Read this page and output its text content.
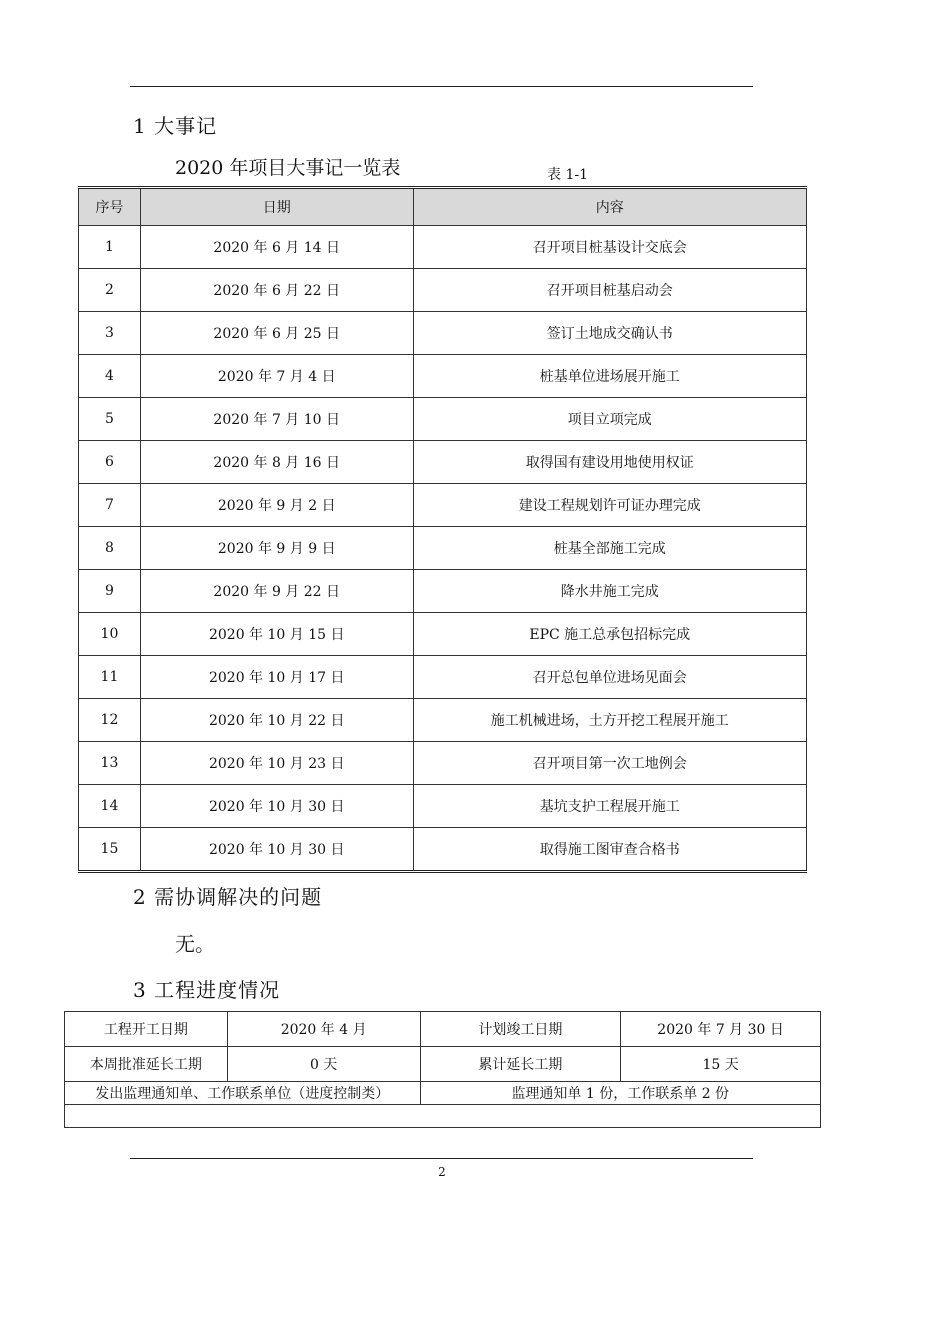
1 大事记
2020 年项目大事记一览表	表 1-1
序号	日期	内容
1	2020 年 6 月 14 日	召开项目桩基设计交底会
2	2020 年 6 月 22 日	召开项目桩基启动会
3	2020 年 6 月 25 日	签订土地成交确认书
4	2020 年 7 月 4 日	桩基单位进场展开施工
5	2020 年 7 月 10 日	项目立项完成
6	2020 年 8 月 16 日	取得国有建设用地使用权证
7	2020 年 9 月 2 日	建设工程规划许可证办理完成
8	2020 年 9 月 9 日	桩基全部施工完成
9	2020 年 9 月 22 日	降水井施工完成
10	2020 年 10 月 15 日	EPC 施工总承包招标完成
11	2020 年 10 月 17 日	召开总包单位进场见面会
12	2020 年 10 月 22 日	施工机械进场，土方开挖工程展开施工
13	2020 年 10 月 23 日	召开项目第一次工地例会
14	2020 年 10 月 30 日	基坑支护工程展开施工
15	2020 年 10 月 30 日	取得施工图审查合格书
2 需协调解决的问题
无。
3 工程进度情况
工程开工日期	2020 年 4 月	计划竣工日期	2020 年 7 月 30 日
本周批准延长工期	0 天	累计延长工期	15 天
发出监理通知单、工作联系单位（进度控制类）		监理通知单 1 份，工作联系单 2 份	

2
